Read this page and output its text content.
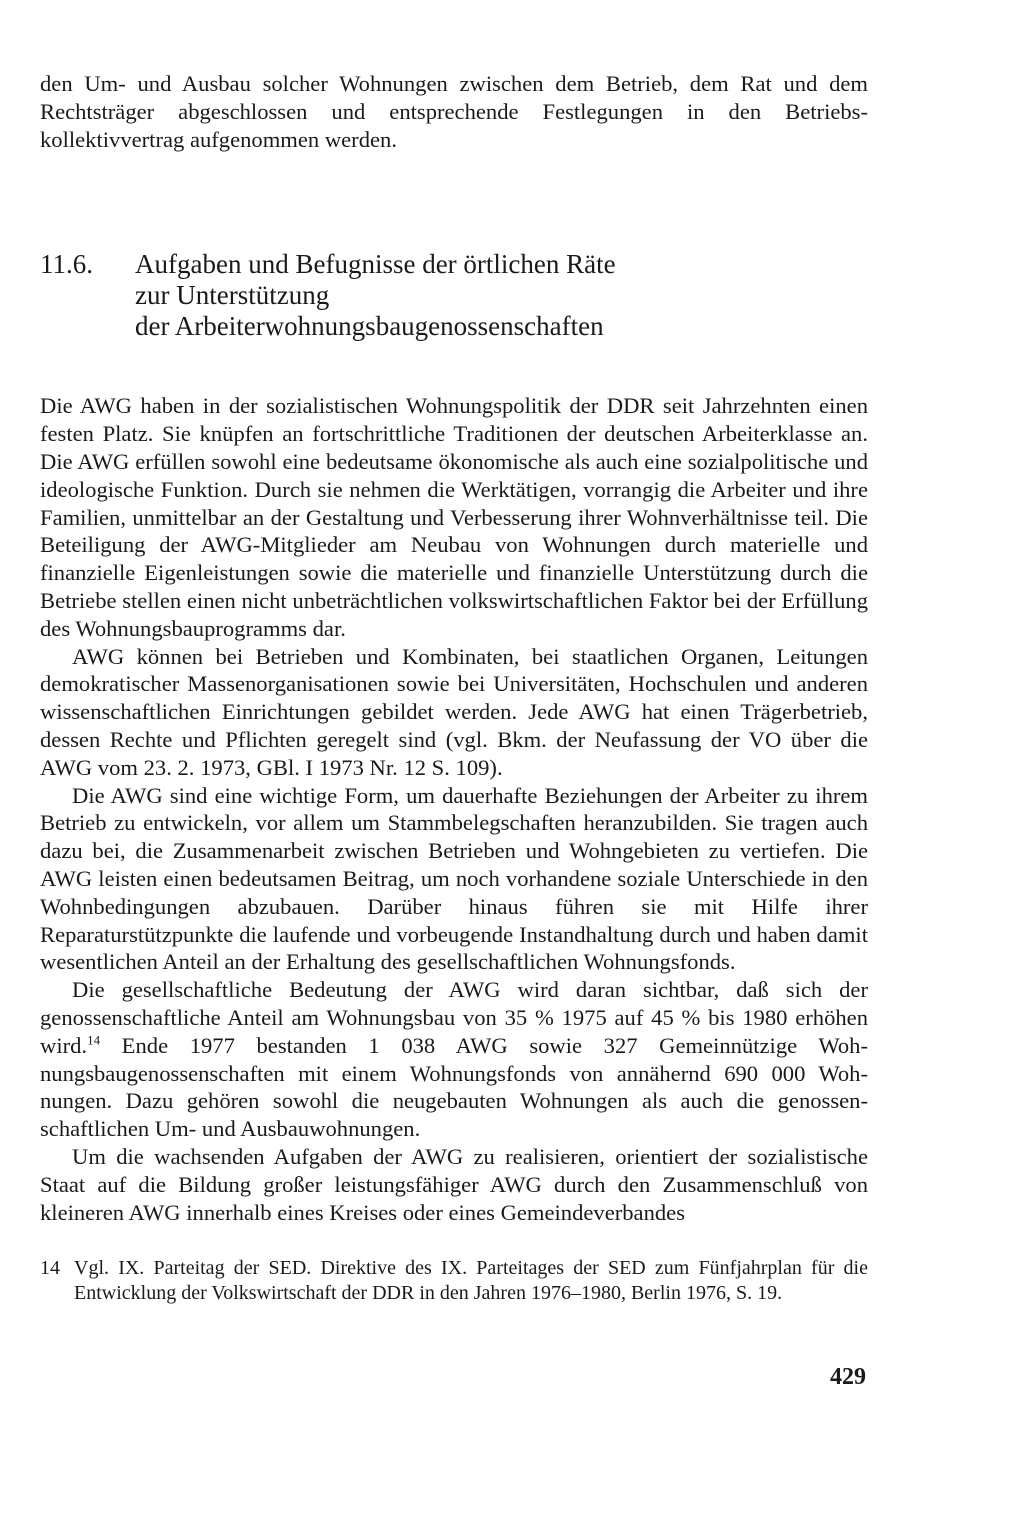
den Um- und Ausbau solcher Wohnungen zwischen dem Betrieb, dem Rat und dem Rechtsträger abgeschlossen und entsprechende Festlegungen in den Betriebskollektivvertrag aufgenommen werden.

11.6. Aufgaben und Befugnisse der örtlichen Räte
zur Unterstützung
der Arbeiterwohnungsbaugenossenschaften

Die AWG haben in der sozialistischen Wohnungspolitik der DDR seit Jahrzehnten einen festen Platz. Sie knüpfen an fortschrittliche Traditionen der deutschen Arbeiterklasse an. Die AWG erfüllen sowohl eine bedeutsame ökonomische als auch eine sozialpolitische und ideologische Funktion. Durch sie nehmen die Werktätigen, vorrangig die Arbeiter und ihre Familien, unmittelbar an der Gestaltung und Verbesserung ihrer Wohnverhältnisse teil. Die Beteiligung der AWG-Mitglieder am Neubau von Wohnungen durch materielle und finanzielle Eigenleistungen sowie die materielle und finanzielle Unterstützung durch die Betriebe stellen einen nicht unbeträchtlichen volkswirtschaftlichen Faktor bei der Erfüllung des Wohnungsbauprogramms dar.

AWG können bei Betrieben und Kombinaten, bei staatlichen Organen, Leitungen demokratischer Massenorganisationen sowie bei Universitäten, Hochschulen und anderen wissenschaftlichen Einrichtungen gebildet werden. Jede AWG hat einen Trägerbetrieb, dessen Rechte und Pflichten geregelt sind (vgl. Bkm. der Neufassung der VO über die AWG vom 23. 2. 1973, GBl. I 1973 Nr. 12 S. 109).

Die AWG sind eine wichtige Form, um dauerhafte Beziehungen der Arbeiter zu ihrem Betrieb zu entwickeln, vor allem um Stammbelegschaften heranzubilden. Sie tragen auch dazu bei, die Zusammenarbeit zwischen Betrieben und Wohngebieten zu vertiefen. Die AWG leisten einen bedeutsamen Beitrag, um noch vorhandene soziale Unterschiede in den Wohnbedingungen abzubauen. Darüber hinaus führen sie mit Hilfe ihrer Reparaturstützpunkte die laufende und vorbeugende Instandhaltung durch und haben damit wesentlichen Anteil an der Erhaltung des gesellschaftlichen Wohnungsfonds.

Die gesellschaftliche Bedeutung der AWG wird daran sichtbar, daß sich der genossenschaftliche Anteil am Wohnungsbau von 35 % 1975 auf 45 % bis 1980 erhöhen wird.$^{14}$ Ende 1977 bestanden 1 038 AWG sowie 327 Gemeinnützige Wohnungsbaugenossenschaften mit einem Wohnungsfonds von annähernd 690 000 Wohnungen. Dazu gehören sowohl die neugebauten Wohnungen als auch die genossenschaftlichen Um- und Ausbauwohnungen.

Um die wachsenden Aufgaben der AWG zu realisieren, orientiert der sozialistische Staat auf die Bildung großer leistungsfähiger AWG durch den Zusammenschluß von kleineren AWG innerhalb eines Kreises oder eines Gemeindeverbandes

14 Vgl. IX. Parteitag der SED. Direktive des IX. Parteitages der SED zum Fünfjahrplan für die Entwicklung der Volkswirtschaft der DDR in den Jahren 1976–1980, Berlin 1976, S. 19.
429
